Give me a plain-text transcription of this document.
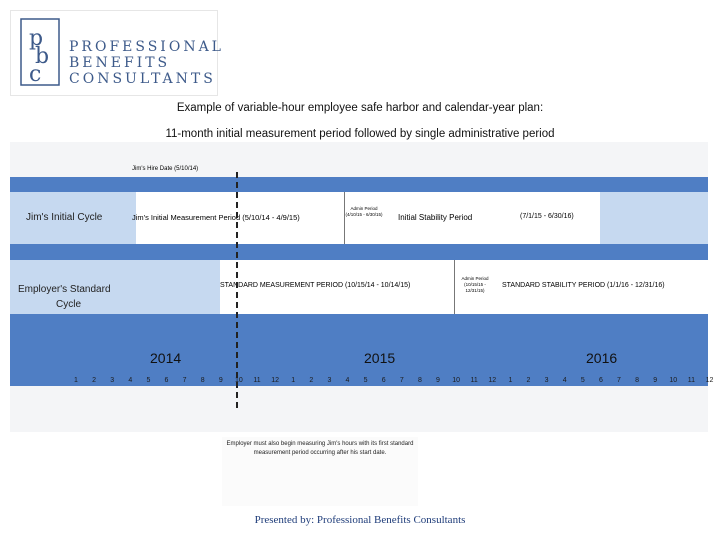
p
b
c
PROFESSIONAL
BENEFITS
CONSULTANTS
Example of variable-hour employee safe harbor and calendar-year plan:
11-month initial measurement period followed by single administrative period
Jim's Hire Date (5/10/14)
Jim's Initial Cycle	Jim's Initial Measurement Period (5/10/14 - 4/9/15)
Admin Period (4/10/15 - 6/30/15) Initial Stability Period	(7/1/15 - 6/30/16)
Employer's Standard
Cycle
STANDARD MEASUREMENT PERIOD (10/15/14 - 10/14/15)
Admin Period (10/15/15 - 12/31/15)
STANDARD STABILITY PERIOD (1/1/16 - 12/31/16)
2014	2015	2016
1	2	3	4	5	6	7	8	9	10	11	12	1	2	3	4	5	6	7	8	9	10	11	12	1	2	3	4	5	6	7	8	9	10	11	12
Employer must also begin measuring Jim's hours with its first standard measurement period occurring after his start date.
Presented by: Professional Benefits Consultants
